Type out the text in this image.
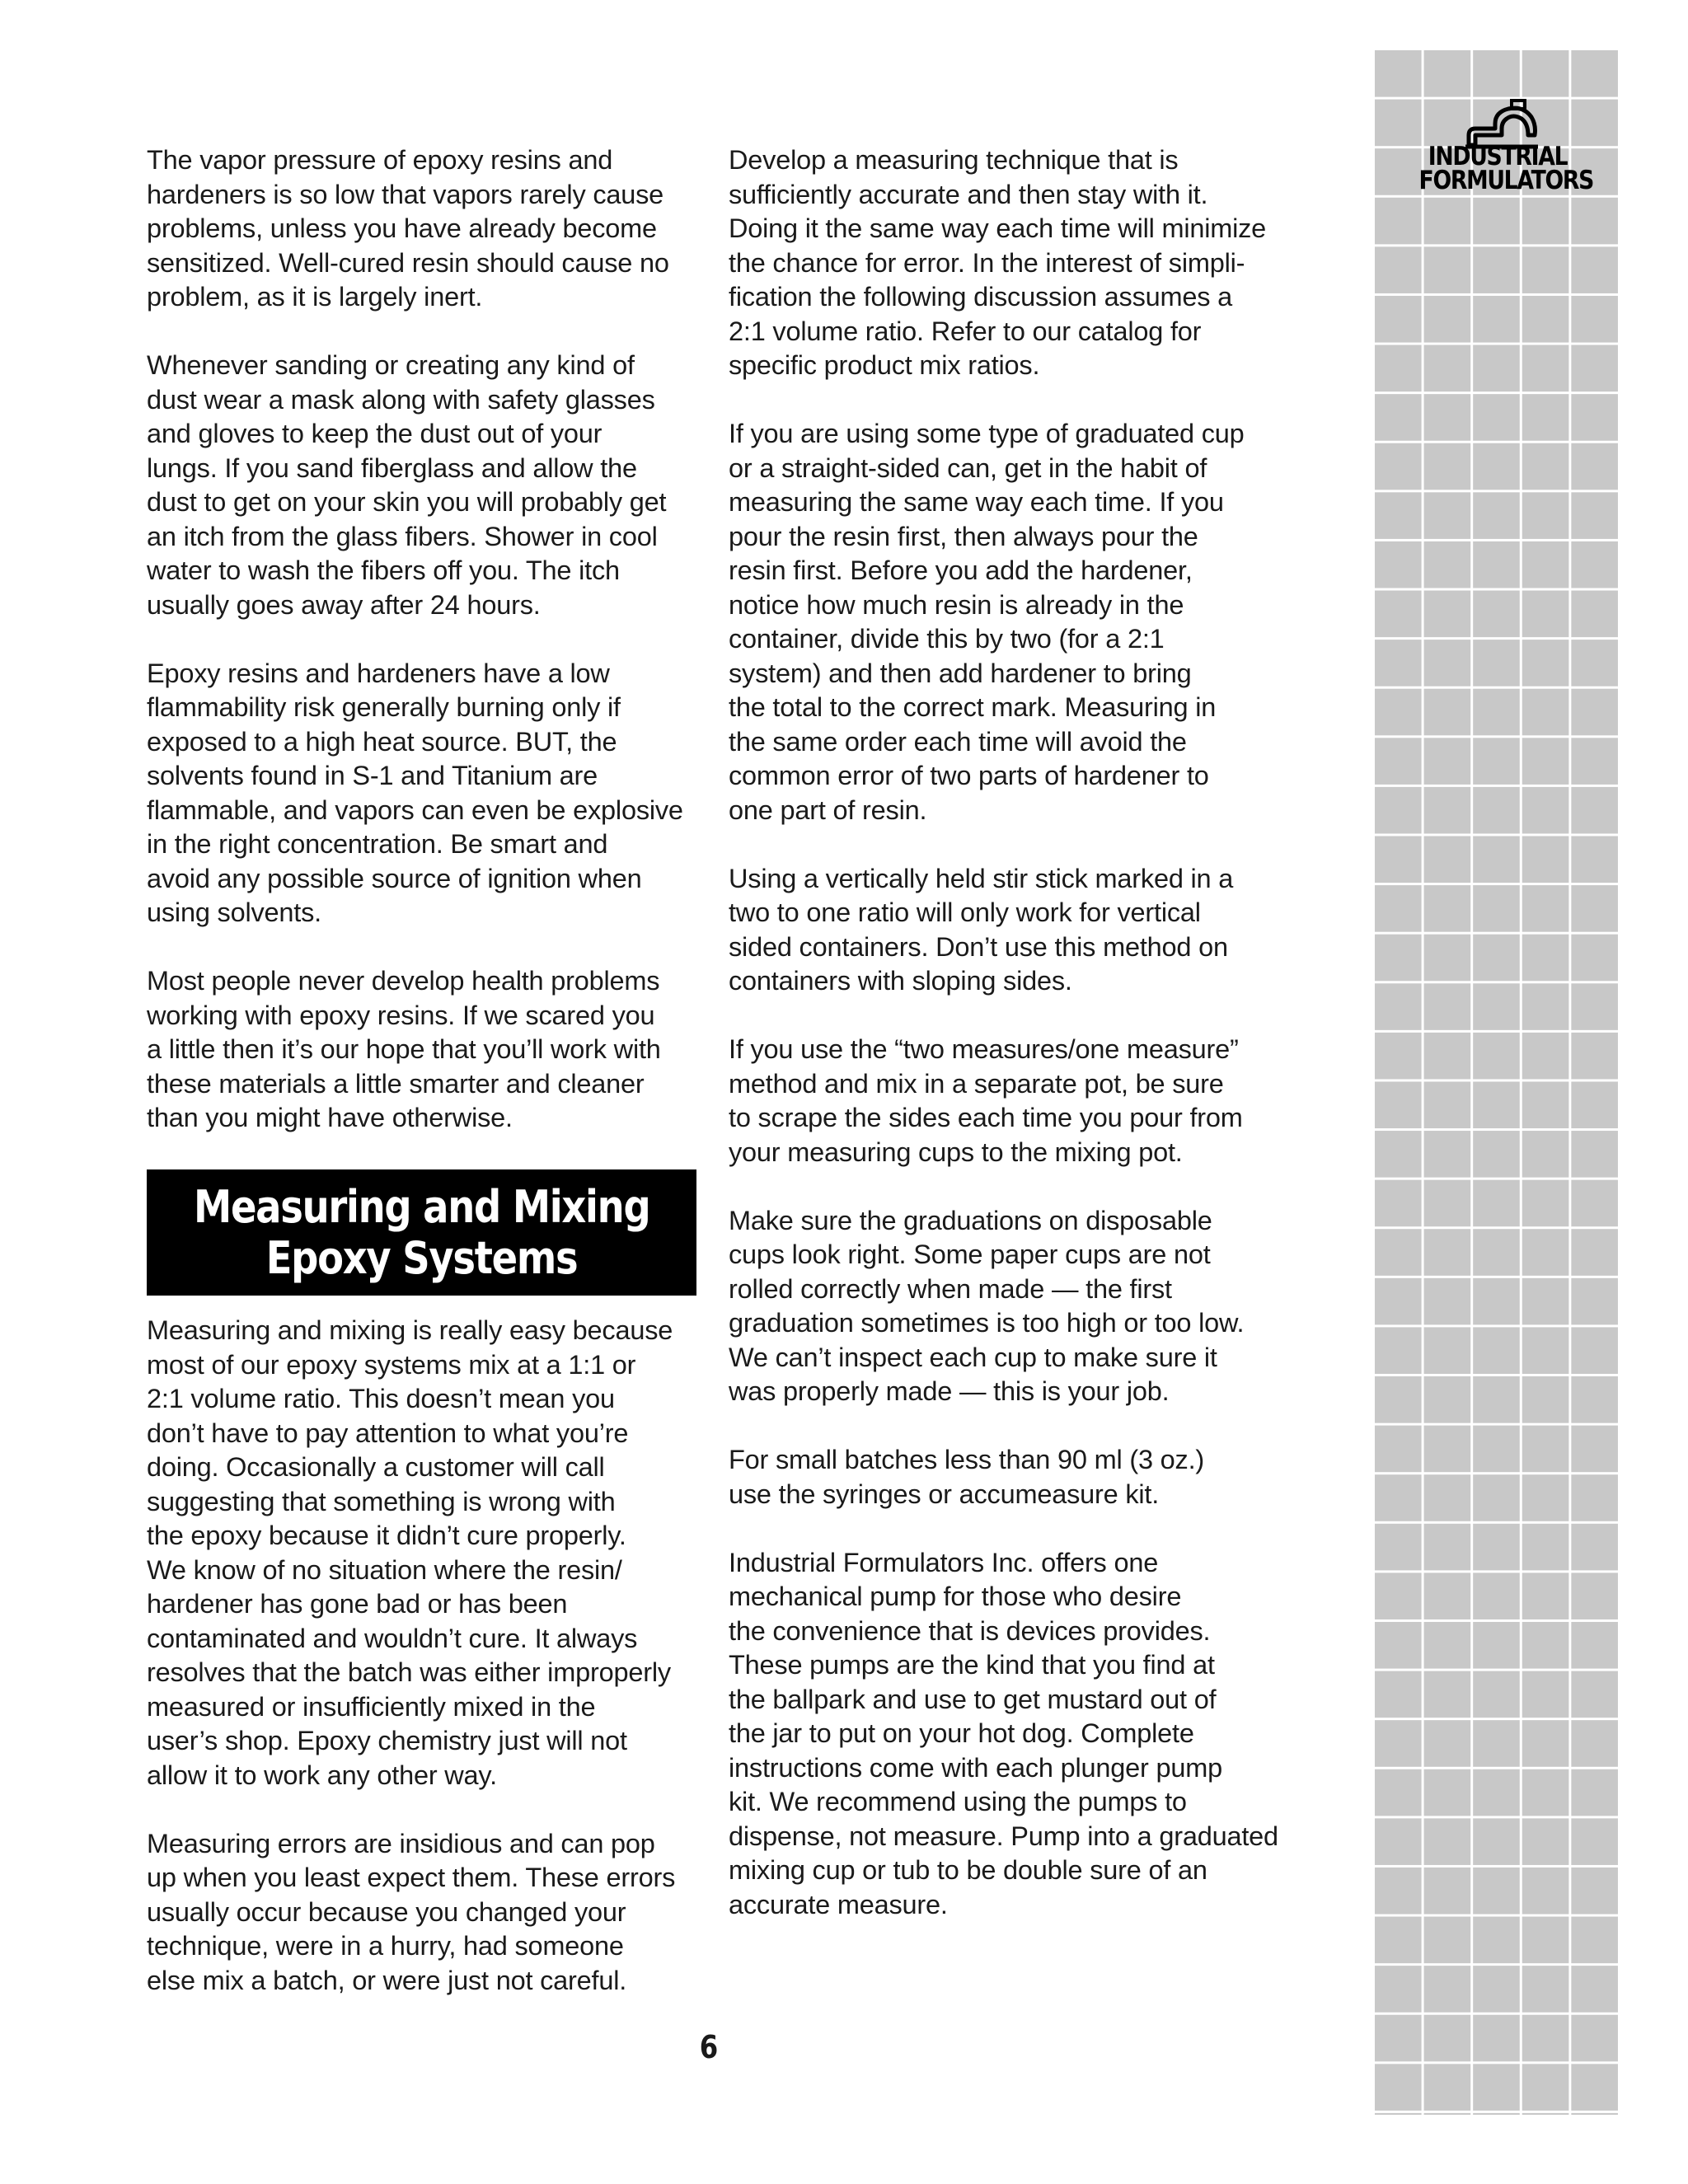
INDUSTRIAL
FORMULATORS

The vapor pressure of epoxy resins and
hardeners is so low that vapors rarely cause
problems, unless you have already become
sensitized. Well-cured resin should cause no
problem, as it is largely inert.

Whenever sanding or creating any kind of
dust wear a mask along with safety glasses
and gloves to keep the dust out of your
lungs. If you sand fiberglass and allow the
dust to get on your skin you will probably get
an itch from the glass fibers. Shower in cool
water to wash the fibers off you. The itch
usually goes away after 24 hours.

Epoxy resins and hardeners have a low
flammability risk generally burning only if
exposed to a high heat source. BUT, the
solvents found in S-1 and Titanium are
flammable, and vapors can even be explosive
in the right concentration. Be smart and
avoid any possible source of ignition when
using solvents.

Most people never develop health problems
working with epoxy resins. If we scared you
a little then it’s our hope that you’ll work with
these materials a little smarter and cleaner
than you might have otherwise.

Measuring and Mixing
Epoxy Systems

Measuring and mixing is really easy because
most of our epoxy systems mix at a 1:1 or
2:1 volume ratio. This doesn’t mean you
don’t have to pay attention to what you’re
doing. Occasionally a customer will call
suggesting that something is wrong with
the epoxy because it didn’t cure properly.
We know of no situation where the resin/
hardener has gone bad or has been
contaminated and wouldn’t cure. It always
resolves that the batch was either improperly
measured or insufficiently mixed in the
user’s shop. Epoxy chemistry just will not
allow it to work any other way.

Measuring errors are insidious and can pop
up when you least expect them. These errors
usually occur because you changed your
technique, were in a hurry, had someone
else mix a batch, or were just not careful.

Develop a measuring technique that is
sufficiently accurate and then stay with it.
Doing it the same way each time will minimize
the chance for error. In the interest of simpli-
fication the following discussion assumes a
2:1 volume ratio. Refer to our catalog for
specific product mix ratios.

If you are using some type of graduated cup
or a straight-sided can, get in the habit of
measuring the same way each time. If you
pour the resin first, then always pour the
resin first. Before you add the hardener,
notice how much resin is already in the
container, divide this by two (for a 2:1
system) and then add hardener to bring
the total to the correct mark. Measuring in
the same order each time will avoid the
common error of two parts of hardener to
one part of resin.

Using a vertically held stir stick marked in a
two to one ratio will only work for vertical
sided containers. Don’t use this method on
containers with sloping sides.

If you use the “two measures/one measure”
method and mix in a separate pot, be sure
to scrape the sides each time you pour from
your measuring cups to the mixing pot.

Make sure the graduations on disposable
cups look right. Some paper cups are not
rolled correctly when made — the first
graduation sometimes is too high or too low.
We can’t inspect each cup to make sure it
was properly made — this is your job.

For small batches less than 90 ml (3 oz.)
use the syringes or accumeasure kit.

Industrial Formulators Inc. offers one
mechanical pump for those who desire
the convenience that is devices provides.
These pumps are the kind that you find at
the ballpark and use to get mustard out of
the jar to put on your hot dog. Complete
instructions come with each plunger pump
kit. We recommend using the pumps to
dispense, not measure. Pump into a graduated
mixing cup or tub to be double sure of an
accurate measure.

6
